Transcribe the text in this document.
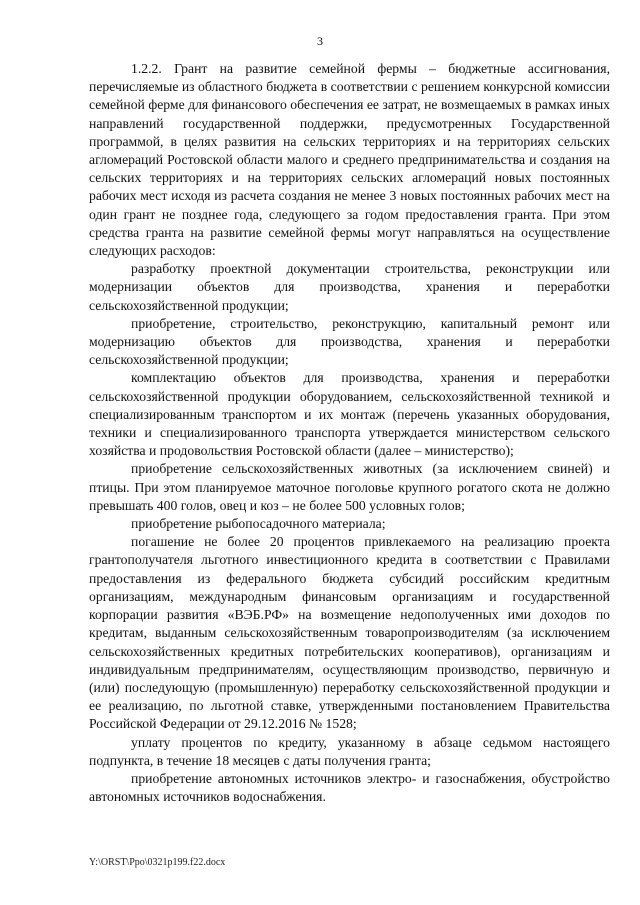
3

1.2.2. Грант на развитие семейной фермы – бюджетные ассигнования, перечисляемые из областного бюджета в соответствии с решением конкурсной комиссии семейной ферме для финансового обеспечения ее затрат, не возмещаемых в рамках иных направлений государственной поддержки, предусмотренных Государственной программой, в целях развития на сельских территориях и на территориях сельских агломераций Ростовской области малого и среднего предпринимательства и создания на сельских территориях и на территориях сельских агломераций новых постоянных рабочих мест исходя из расчета создания не менее 3 новых постоянных рабочих мест на один грант не позднее года, следующего за годом предоставления гранта. При этом средства гранта на развитие семейной фермы могут направляться на осуществление следующих расходов:

разработку проектной документации строительства, реконструкции или модернизации объектов для производства, хранения и переработки сельскохозяйственной продукции;

приобретение, строительство, реконструкцию, капитальный ремонт или модернизацию объектов для производства, хранения и переработки сельскохозяйственной продукции;

комплектацию объектов для производства, хранения и переработки сельскохозяйственной продукции оборудованием, сельскохозяйственной техникой и специализированным транспортом и их монтаж (перечень указанных оборудования, техники и специализированного транспорта утверждается министерством сельского хозяйства и продовольствия Ростовской области (далее – министерство);

приобретение сельскохозяйственных животных (за исключением свиней) и птицы. При этом планируемое маточное поголовье крупного рогатого скота не должно превышать 400 голов, овец и коз – не более 500 условных голов;

приобретение рыбопосадочного материала;

погашение не более 20 процентов привлекаемого на реализацию проекта грантополучателя льготного инвестиционного кредита в соответствии с Правилами предоставления из федерального бюджета субсидий российским кредитным организациям, международным финансовым организациям и государственной корпорации развития «ВЭБ.РФ» на возмещение недополученных ими доходов по кредитам, выданным сельскохозяйственным товаропроизводителям (за исключением сельскохозяйственных кредитных потребительских кооперативов), организациям и индивидуальным предпринимателям, осуществляющим производство, первичную и (или) последующую (промышленную) переработку сельскохозяйственной продукции и ее реализацию, по льготной ставке, утвержденными постановлением Правительства Российской Федерации от 29.12.2016 № 1528;

уплату процентов по кредиту, указанному в абзаце седьмом настоящего подпункта, в течение 18 месяцев с даты получения гранта;

приобретение автономных источников электро- и газоснабжения, обустройство автономных источников водоснабжения.

Y:\ORST\Ppo\0321p199.f22.docx
